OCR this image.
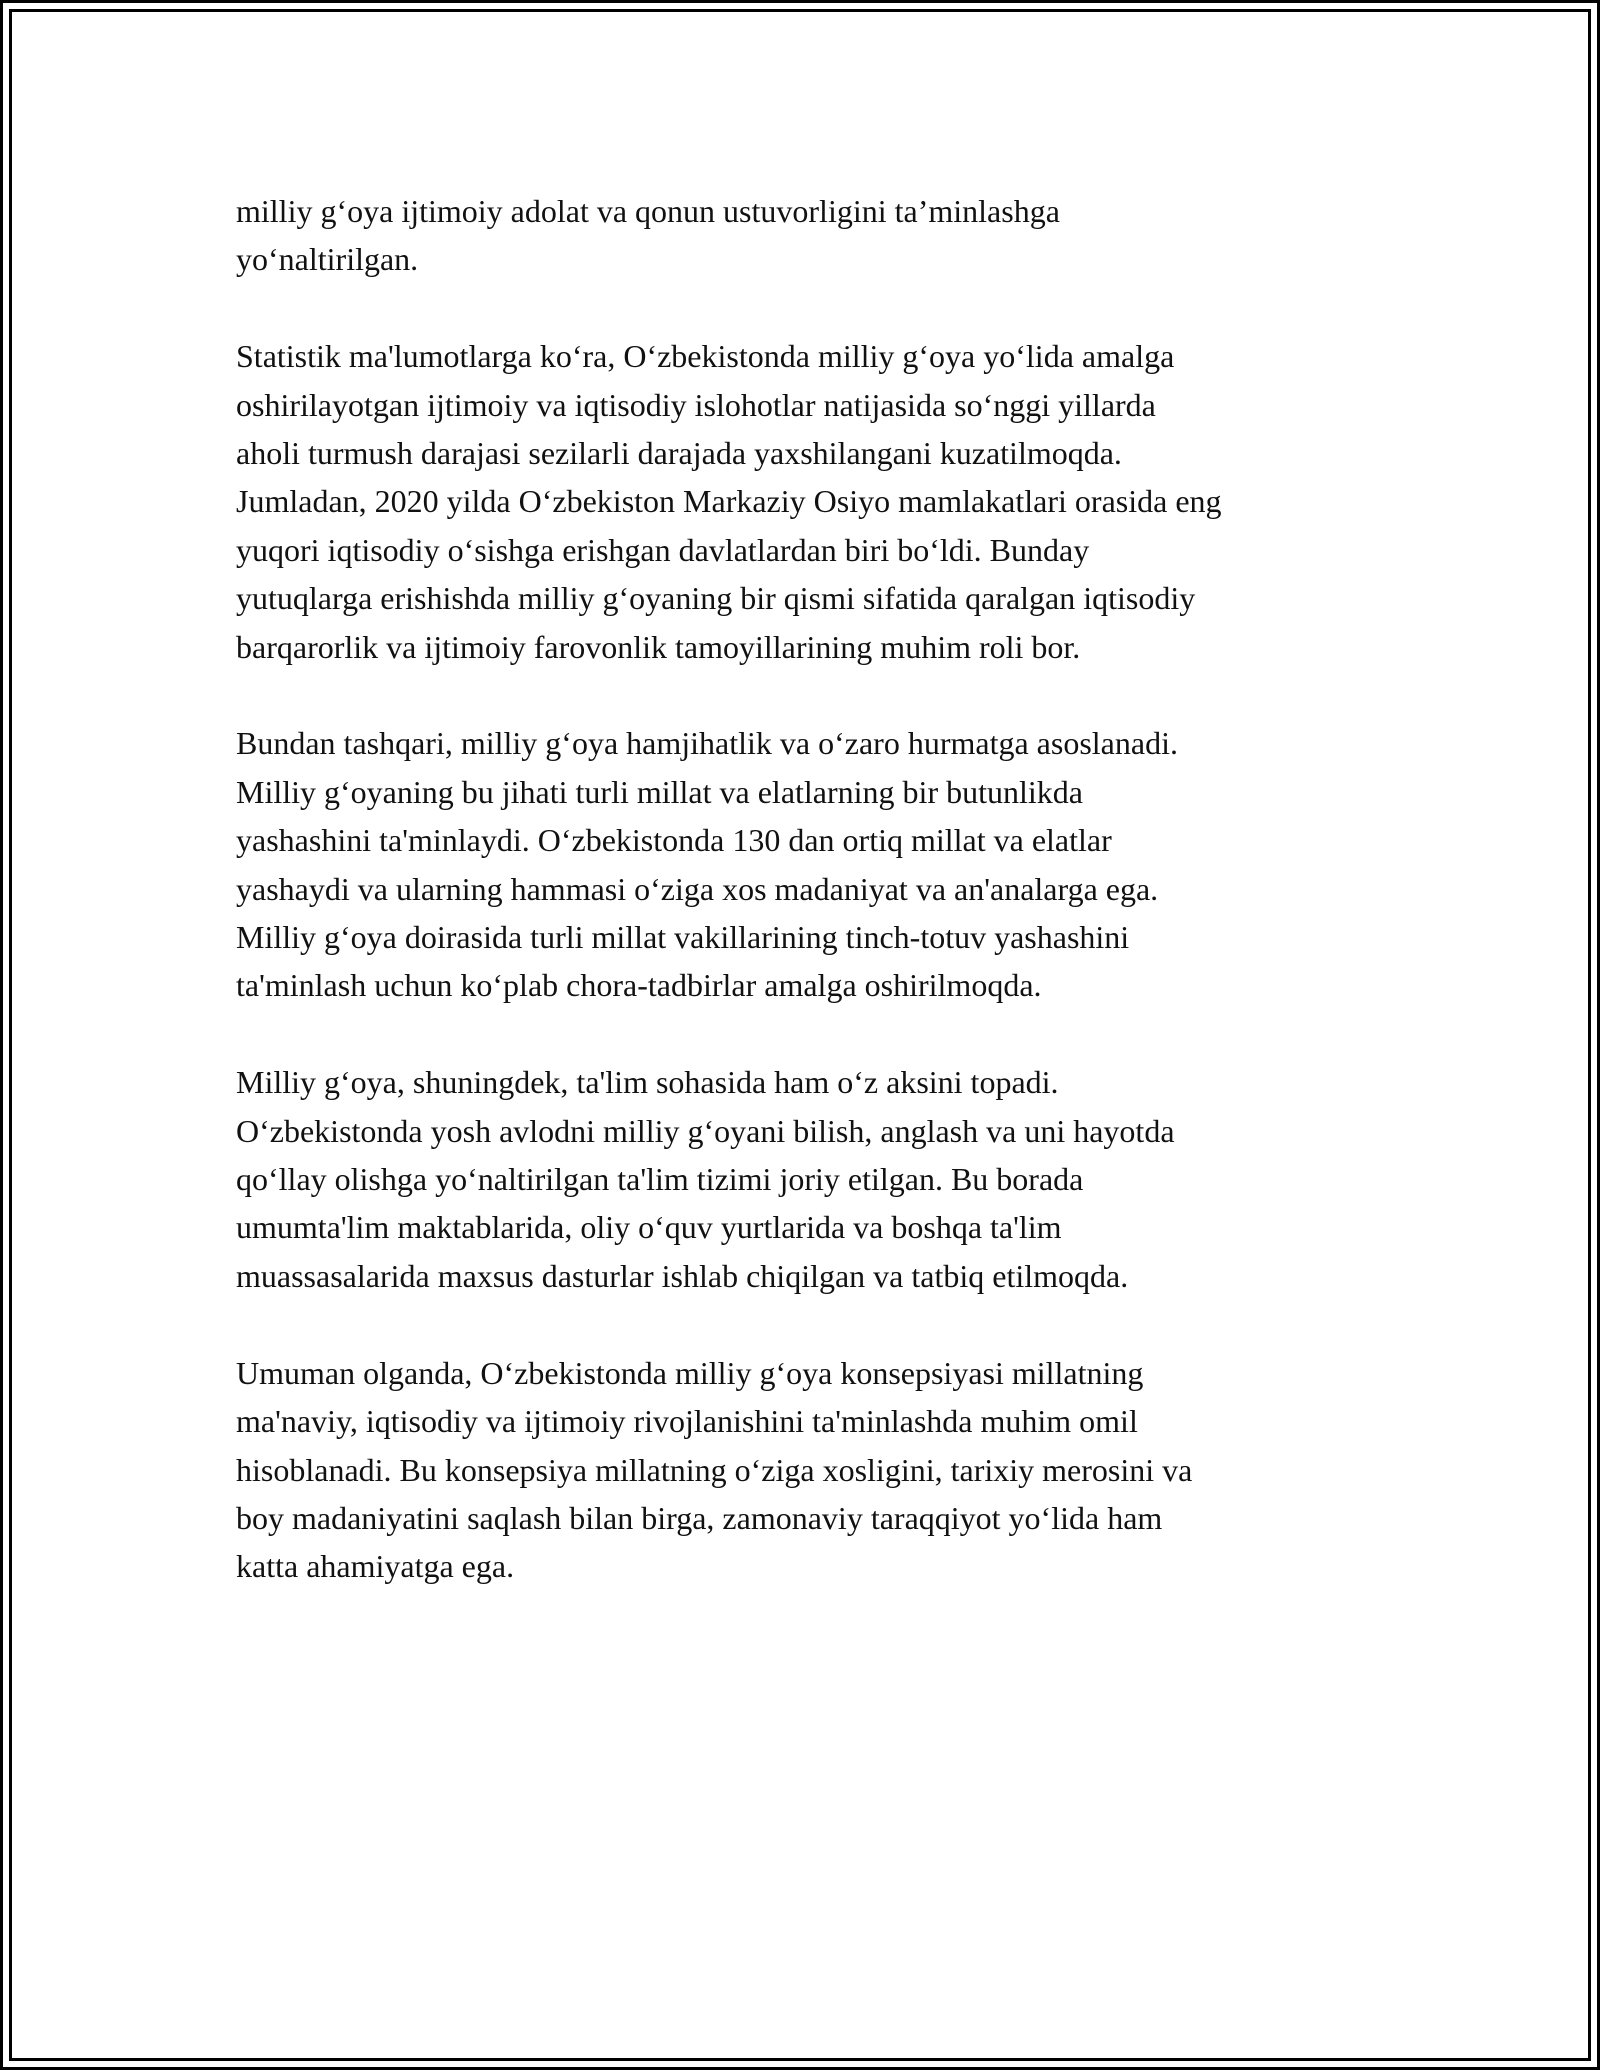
milliy g‘oya ijtimoiy adolat va qonun ustuvorligini ta’minlashga
yo‘naltirilgan.

Statistik ma'lumotlarga ko‘ra, O‘zbekistonda milliy g‘oya yo‘lida amalga
oshirilayotgan ijtimoiy va iqtisodiy islohotlar natijasida so‘nggi yillarda
aholi turmush darajasi sezilarli darajada yaxshilangani kuzatilmoqda.
Jumladan, 2020 yilda O‘zbekiston Markaziy Osiyo mamlakatlari orasida eng
yuqori iqtisodiy o‘sishga erishgan davlatlardan biri bo‘ldi. Bunday
yutuqlarga erishishda milliy g‘oyaning bir qismi sifatida qaralgan iqtisodiy
barqarorlik va ijtimoiy farovonlik tamoyillarining muhim roli bor.

Bundan tashqari, milliy g‘oya hamjihatlik va o‘zaro hurmatga asoslanadi.
Milliy g‘oyaning bu jihati turli millat va elatlarning bir butunlikda
yashashini ta'minlaydi. O‘zbekistonda 130 dan ortiq millat va elatlar
yashaydi va ularning hammasi o‘ziga xos madaniyat va an'analarga ega.
Milliy g‘oya doirasida turli millat vakillarining tinch-totuv yashashini
ta'minlash uchun ko‘plab chora-tadbirlar amalga oshirilmoqda.

Milliy g‘oya, shuningdek, ta'lim sohasida ham o‘z aksini topadi.
O‘zbekistonda yosh avlodni milliy g‘oyani bilish, anglash va uni hayotda
qo‘llay olishga yo‘naltirilgan ta'lim tizimi joriy etilgan. Bu borada
umumta'lim maktablarida, oliy o‘quv yurtlarida va boshqa ta'lim
muassasalarida maxsus dasturlar ishlab chiqilgan va tatbiq etilmoqda.

Umuman olganda, O‘zbekistonda milliy g‘oya konsepsiyasi millatning
ma'naviy, iqtisodiy va ijtimoiy rivojlanishini ta'minlashda muhim omil
hisoblanadi. Bu konsepsiya millatning o‘ziga xosligini, tarixiy merosini va
boy madaniyatini saqlash bilan birga, zamonaviy taraqqiyot yo‘lida ham
katta ahamiyatga ega.
